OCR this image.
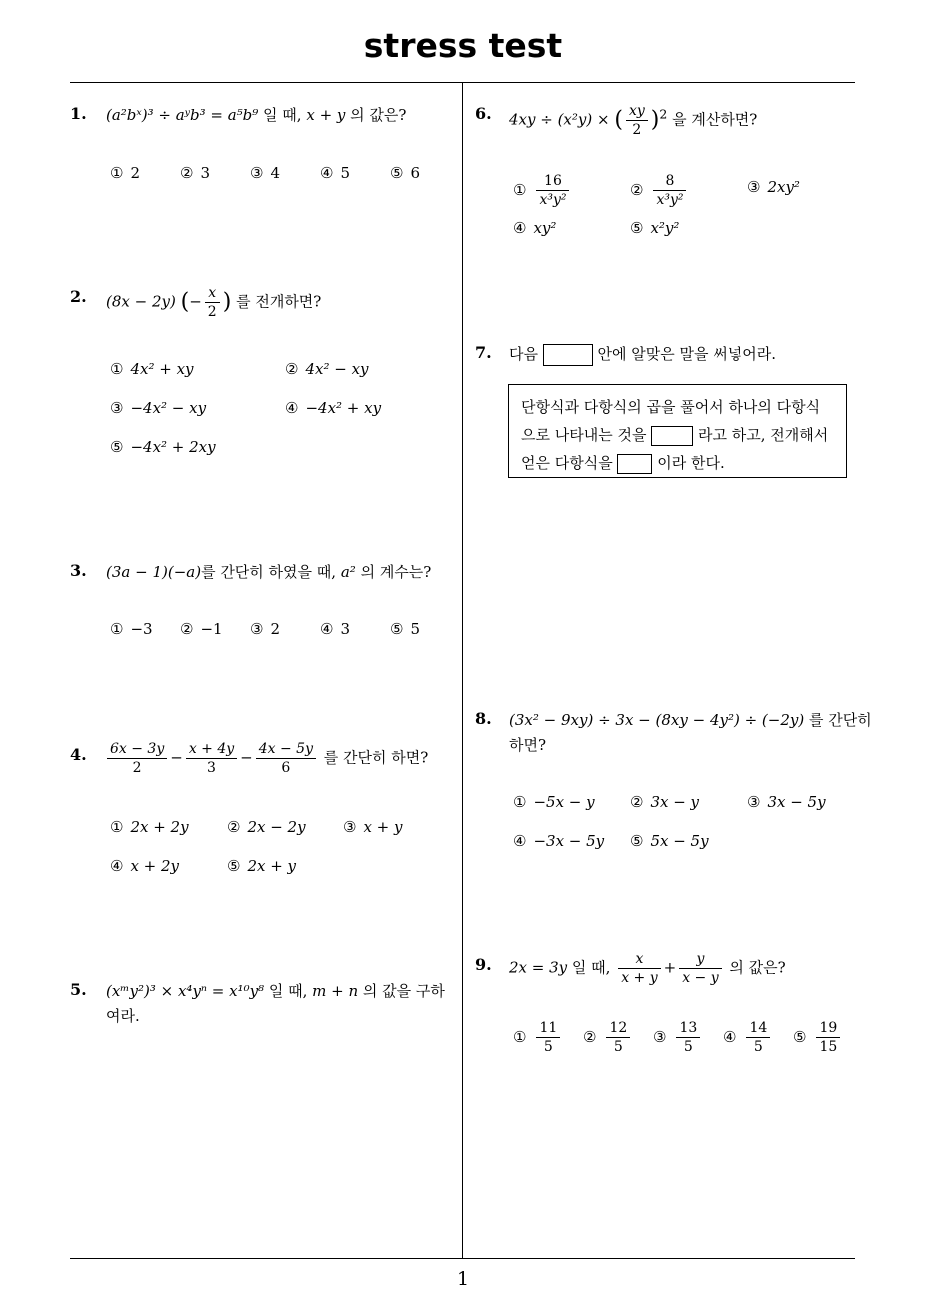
stress test
1
1. (a²bˣ)³ ÷ aʸb³ = a⁵b⁹ 일 때, x + y 의 값은?
① 2	② 3	③ 4	④ 5	⑤ 6
2. (8x − 2y) (− $\frac{x}{2}$ ) 를 전개하면?
① 4x² + xy	② 4x² − xy
③ −4x² − xy	④ −4x² + xy
⑤ −4x² + 2xy
3. (3a − 1)(−a)를 간단히 하였을 때, a² 의 계수는?
① −3 ② −1 ③ 2	④ 3	⑤ 5
4. $\frac{6x - 3y}{2} - \frac{x + 4y}{3} - \frac{4x - 5y}{6}$ 를 간단히 하면?
① 2x + 2y	② 2x − 2y ③ x + y
④ x + 2y	⑤ 2x + y
5. (xᵐy²)³ × x⁴yⁿ = x¹⁰y⁸ 일 때, m + n 의 값을 구하
여라.
6. 4xy ÷ (x²y) × ( $\frac{xy}{2} )^2$ 을 계산하면?
① $\frac{16}{\text{x³y²}}$	② $\frac{8}{\text{x³y²}}$	③ 2xy²
④ xy²	⑤ x²y²
7. 다음	안에 알맞은 말을 써넣어라.
단항식과 다항식의 곱을 풀어서 하나의 다항식
으로 나타내는 것을	라고 하고, 전개해서
얻은 다항식을  이라 한다.
8. (3x² − 9xy) ÷ 3x − (8xy − 4y²) ÷ (−2y) 를 간단히
하면?
① −5x − y ② 3x − y	③ 3x − 5y
④ −3x − 5y ⑤ 5x − 5y
9. 2x = 3y 일 때, $\frac{x}{x + y} + \frac{y}{x - y}$ 의 값은?
① $\frac{11}{5}$ ② $\frac{12}{5}$ ③ $\frac{13}{5}$ ④ $\frac{14}{5}$ ⑤ $\frac{19}{15}$
